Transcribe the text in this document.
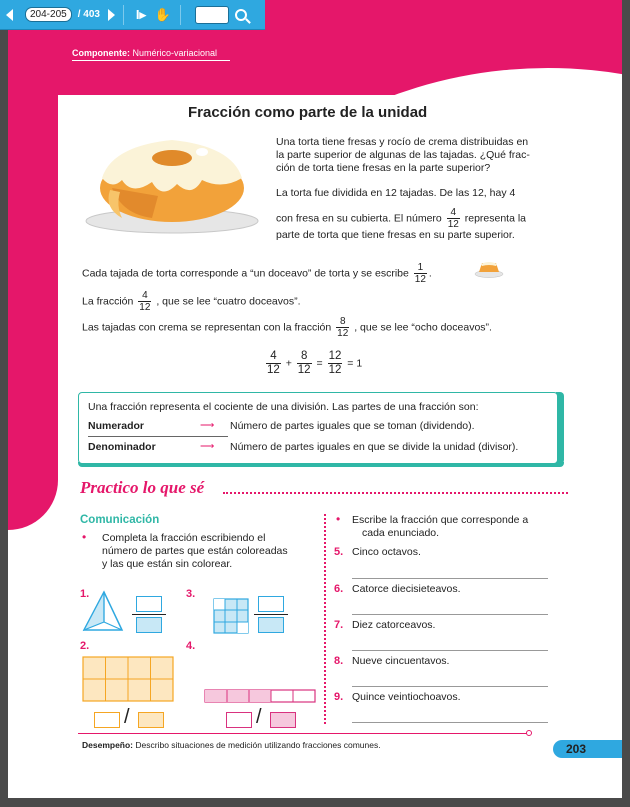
204-205	/ 403	I▸ ✋
Componente: Numérico-variacional
Fracción como parte de la unidad
Una torta tiene fresas y rocío de crema distribuidas en
la parte superior de algunas de las tajadas. ¿Qué frac-
ción de torta tiene fresas en la parte superior?
La torta fue dividida en 12 tajadas. De las 12, hay 4
con fresa en su cubierta. El número $\frac{4}{12}$ representa la
parte de torta que tiene fresas en su parte superior.
Cada tajada de torta corresponde a “un doceavo” de torta y se escribe $\frac{1}{12}$ .
La fracción $\frac{4}{12}$ , que se lee “cuatro doceavos”.
Las tajadas con crema se representan con la fracción $\frac{8}{12}$ , que se lee “ocho doceavos”.
$\frac{4}{12} + \frac{8}{12} = \frac{12}{12} = 1$
Una fracción representa el cociente de una división. Las partes de una fracción son:
Numerador	⟶ Número de partes iguales que se toman (dividendo).
Denominador	⟶ Número de partes iguales en que se divide la unidad (divisor).
Practico lo que sé
Comunicación
• Completa la fracción escribiendo el
número de partes que están coloreadas
y las que están sin colorear.
• Escribe la fracción que corresponde a
cada enunciado.
1.	3.
2.
/
4.
/
5. Cinco octavos.
6. Catorce diecisieteavos.
7. Diez catorceavos.
8. Nueve cincuentavos.
9. Quince veintiochoavos.
Desempeño: Describo situaciones de medición utilizando fracciones comunes.	203
